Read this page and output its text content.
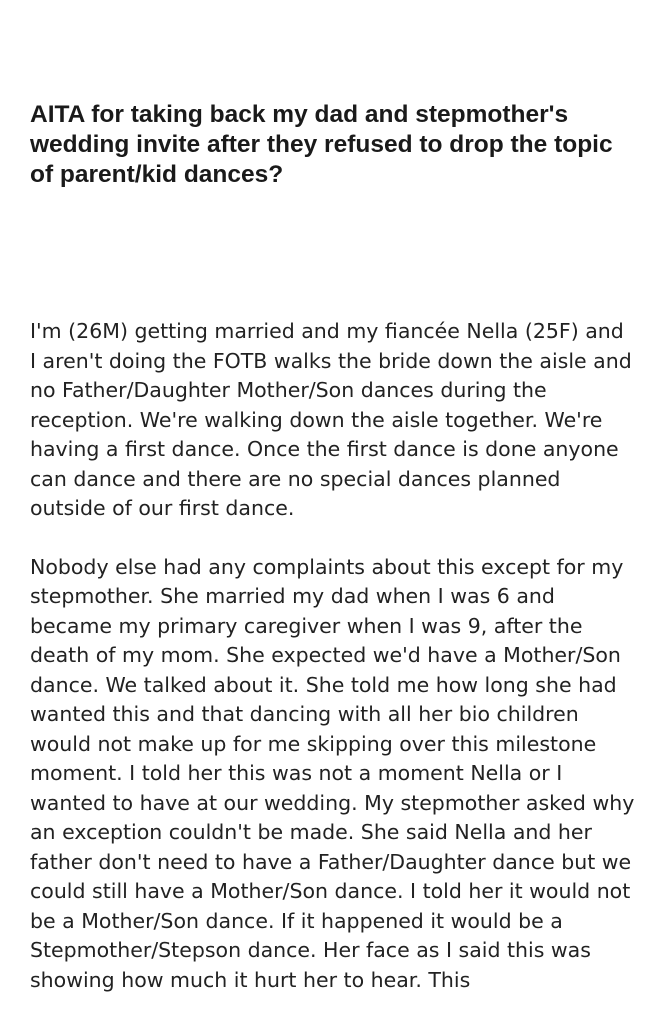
AITA for taking back my dad and stepmother's wedding invite after they refused to drop the topic of parent/kid dances?

I'm (26M) getting married and my fiancée Nella (25F) and I aren't doing the FOTB walks the bride down the aisle and no Father/Daughter Mother/Son dances during the reception. We're walking down the aisle together. We're having a first dance. Once the first dance is done anyone can dance and there are no special dances planned outside of our first dance.

Nobody else had any complaints about this except for my stepmother. She married my dad when I was 6 and became my primary caregiver when I was 9, after the death of my mom. She expected we'd have a Mother/Son dance. We talked about it. She told me how long she had wanted this and that dancing with all her bio children would not make up for me skipping over this milestone moment. I told her this was not a moment Nella or I wanted to have at our wedding. My stepmother asked why an exception couldn't be made. She said Nella and her father don't need to have a Father/Daughter dance but we could still have a Mother/Son dance. I told her it would not be a Mother/Son dance. If it happened it would be a Stepmother/Stepson dance. Her face as I said this was showing how much it hurt her to hear. This
